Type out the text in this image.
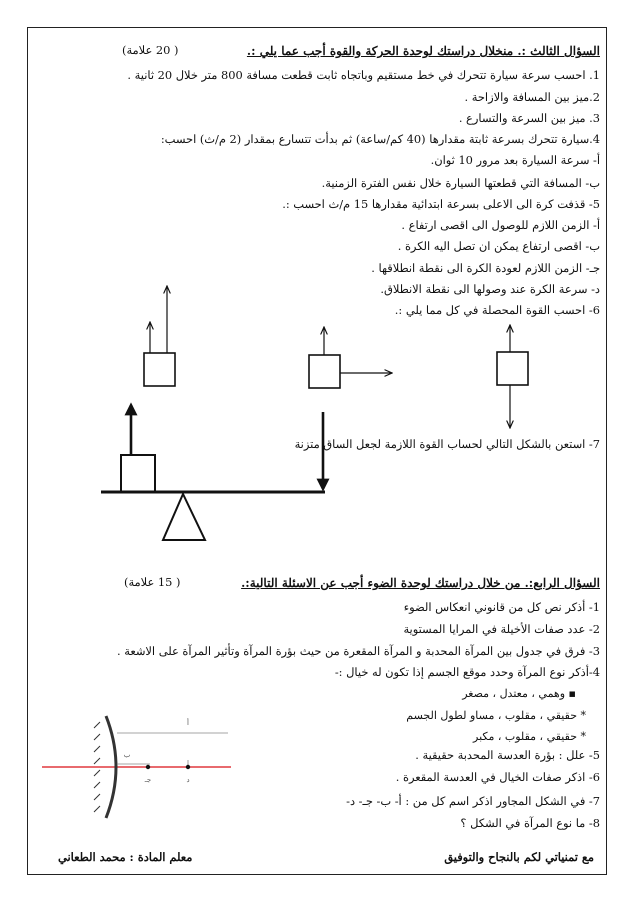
السؤال الثالث :. منخلال دراستك لوحدة الحركة والقوة أجب عما يلي :.
( 20 علامة)
1. احسب سرعة سيارة تتحرك في خط مستقيم وباتجاه ثابت قطعت مسافة 800 متر خلال 20 ثانية .
2.ميز بين المسافة والازاحة .
3. ميز بين السرعة والتسارع .
4.سيارة تتحرك بسرعة ثابتة مقدارها (40 كم/ساعة) ثم بدأت تتسارع بمقدار (2 م/ث) احسب:
أ- سرعة السيارة بعد مرور 10 ثوان.
ب- المسافة التي قطعتها السيارة خلال نفس الفترة الزمنية.
5- قذفت كرة الى الاعلى بسرعة ابتدائية مقدارها 15 م/ث احسب :.
أ- الزمن اللازم للوصول الى اقصى ارتفاع .
ب- اقصى ارتفاع يمكن ان تصل اليه الكرة .
جـ- الزمن اللازم لعودة الكرة الى نقطة انطلاقها .
د- سرعة الكرة عند وصولها الى نقطة الانطلاق.
6- احسب القوة المحصلة في كل مما يلي :.
7- استعن بالشكل التالي لحساب القوة اللازمة لجعل الساق متزنة
السؤال الرابع:. من خلال دراستك لوحدة الضوء أجب عن الاسئلة التالية:.
( 15 علامة)
1- أذكر نص كل من قانوني انعكاس الضوء
2- عدد صفات الأخيلة في المرايا المستوية
3- فرق في جدول بين المرآة المحدبة و المرآة المقعرة من حيث بؤرة المرآة وتأثير المرآة على الاشعة .
4-أذكر نوع المرآة وحدد موقع الجسم إذا تكون له خيال :-
▪ وهمي ، معتدل ، مصغر
* حقيقي ، مقلوب ، مساو لطول الجسم
* حقيقي ، مقلوب ، مكبر
5- علل : بؤرة العدسة المحدبة حقيقية .
6- اذكر صفات الخيال في العدسة المقعرة .
7- في الشكل المجاور اذكر اسم كل من : أ- ب- جـ- د-
8- ما نوع المرآة في الشكل ؟
أ
ب
جـ	د
مع تمنياتي لكم بالنجاح والتوفيق
معلم المادة : محمد الطعاني
